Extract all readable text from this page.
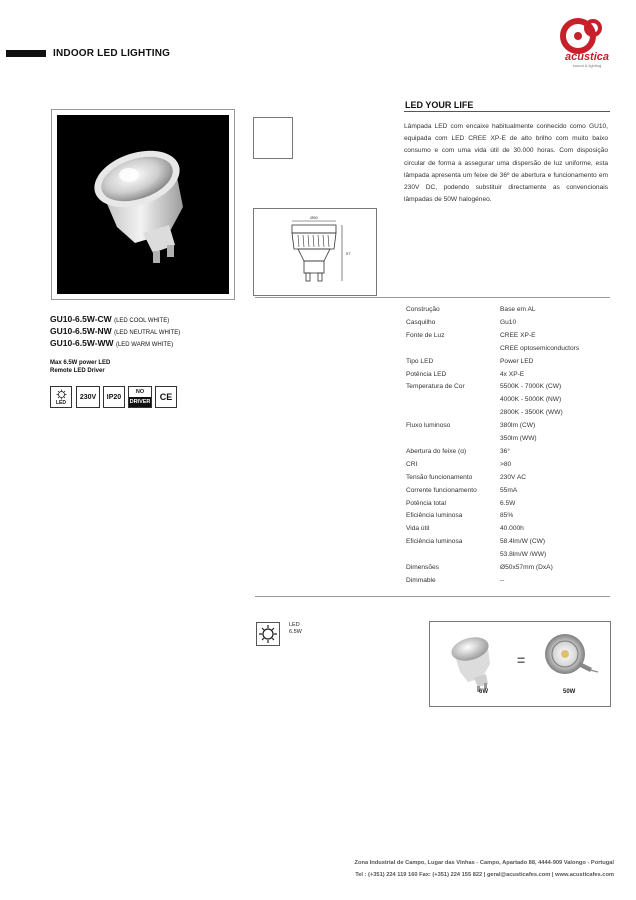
INDOOR LED LIGHTING	acústica
sound & lighting
GU10-6.5W-CW (LED COOL WHITE)
GU10-6.5W-NW (LED NEUTRAL WHITE)
GU10-6.5W-WW (LED WARM WHITE)
Max 6.5W power LED
Remote LED Driver
LED
230V	IP20
NO
DRIVER	CE
LED YOUR LIFE
Lâmpada LED com encaixe habitualmente conhecido como GU10, equipada com LED CREE XP-E de alto brilho com muito baixo consumo e com uma vida útil de 30.000 horas. Com disposição circular de forma a assegurar uma dispersão de luz uniforme, esta lâmpada apresenta um feixe de 36º de abertura e funcionamento em 230V DC, podendo substituir directamente as convencionais lâmpadas de 50W halogéneo.
Ø50
57
Construção	Base em AL
Casquilho	Gu10
Fonte de Luz	CREE XP-E
CREE optosemiconductors
Tipo LED	Power LED
Potência LED	4x XP-E
Temperatura de Cor	5500K - 7000K (CW)
4000K - 5000K (NW)
2800K - 3500K (WW)
Fluxo luminoso	380lm (CW)
350lm (WW)
Abertura do feixe (α)	36°
CRI	>80
Tensão funcionamento	230V AC
Corrente funcionamento	55mA
Potência total	6.5W
Eficiência luminosa	85%
Vida útil	40.000h
Eficiência luminosa	58.4lm/W (CW)
53.8lm/W /WW)
Dimensões	Ø50x57mm (DxA)
Dimmable	--
LED
6.5W
=
6W	50W
Zona Industrial de Campo, Lugar das Vinhas - Campo, Apartado 88, 4444-909 Valongo - Portugal
Tel : (+351) 224 119 160 Fax: (+351) 224 155 822 | geral@acusticafes.com | www.acusticafes.com
